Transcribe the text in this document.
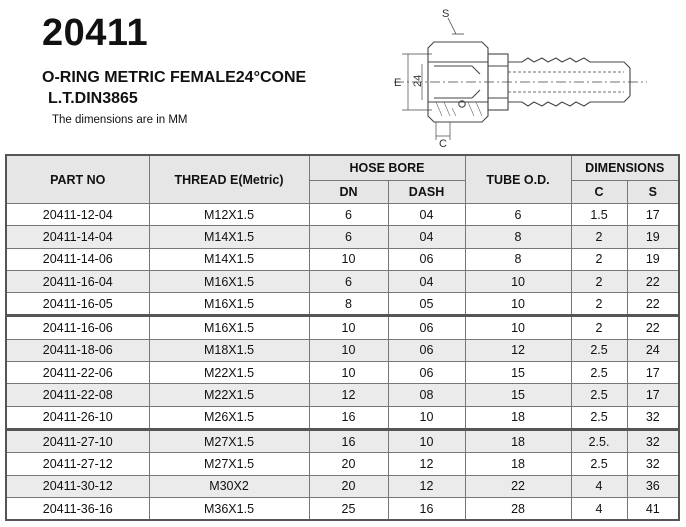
20411
O-RING METRIC FEMALE24°CONE
L.T.DIN3865
The dimensions are in MM
S
E 24
C
PART NO	THREAD E(Metric)	HOSE BORE		TUBE O.D.	DIMENSIONS	
		DN	DASH		C	S
20411-12-04	M12X1.5	6	04	6	1.5	17
20411-14-04	M14X1.5	6	04	8	2	19
20411-14-06	M14X1.5	10	06	8	2	19
20411-16-04	M16X1.5	6	04	10	2	22
20411-16-05	M16X1.5	8	05	10	2	22
20411-16-06	M16X1.5	10	06	10	2	22
20411-18-06	M18X1.5	10	06	12	2.5	24
20411-22-06	M22X1.5	10	06	15	2.5	17
20411-22-08	M22X1.5	12	08	15	2.5	17
20411-26-10	M26X1.5	16	10	18	2.5	32
20411-27-10	M27X1.5	16	10	18	2.5.	32
20411-27-12	M27X1.5	20	12	18	2.5	32
20411-30-12	M30X2	20	12	22	4	36
20411-36-16	M36X1.5	25	16	28	4	41
